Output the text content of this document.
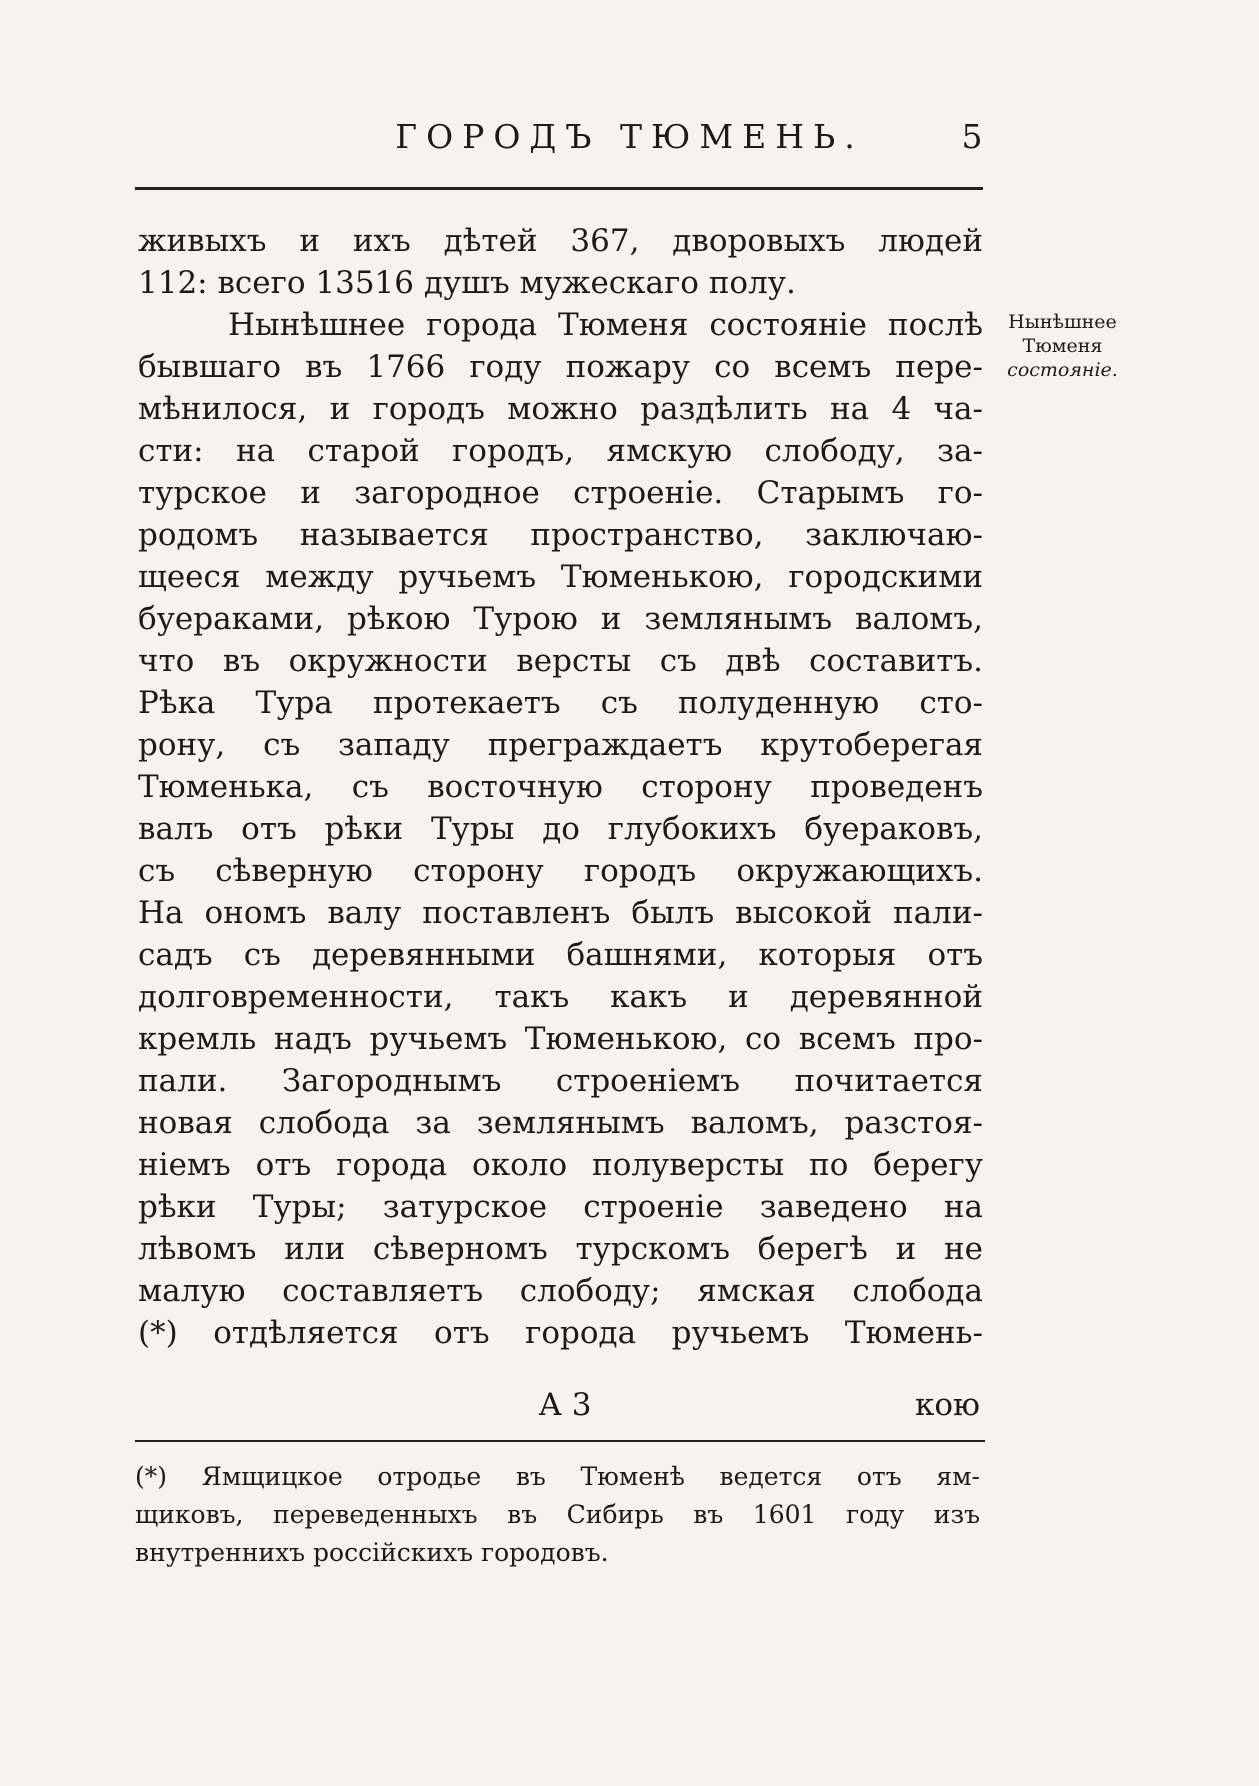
ГОРОДЪ ТЮМЕНЬ.	5
живыхъ и ихъ дѣтей 367, дворовыхъ людей
112: всего 13516 душъ мужескаго полу.
Нынѣшнее города Тюменя состояніе послѣ
бывшаго въ 1766 году пожару со всемъ пере-
мѣнилося, и городъ можно раздѣлить на 4 ча-
сти: на старой городъ, ямскую слободу, за-
турское и загородное строеніе. Старымъ го-
родомъ называется пространство, заключаю-
щееся между ручьемъ Тюменькою, городскими
буераками, рѣкою Турою и землянымъ валомъ,
что въ окружности версты съ двѣ составитъ.
Рѣка Тура протекаетъ съ полуденную сто-
рону, съ западу преграждаетъ крутоберегая
Тюменька, съ восточную сторону проведенъ
валъ отъ рѣки Туры до глубокихъ буераковъ,
съ сѣверную сторону городъ окружающихъ.
На ономъ валу поставленъ былъ высокой пали-
садъ съ деревянными башнями, которыя отъ
долговременности, такъ какъ и деревянной
кремль надъ ручьемъ Тюменькою, со всемъ про-
пали. Загороднымъ строеніемъ почитается
новая слобода за землянымъ валомъ, разстоя-
ніемъ отъ города около полуверсты по берегу
рѣки Туры; затурское строеніе заведено на
лѣвомъ или сѣверномъ турскомъ берегѣ и не
малую составляетъ слободу; ямская слобода
(*) отдѣляется отъ города ручьемъ Тюмень-
Нынѣшнее
Тюменя
состояніе.
А 3	кою
(*) Ямщицкое отродье въ Тюменѣ ведется отъ ям-
щиковъ, переведенныхъ въ Сибирь въ 1601 году изъ
внутреннихъ россійскихъ городовъ.
